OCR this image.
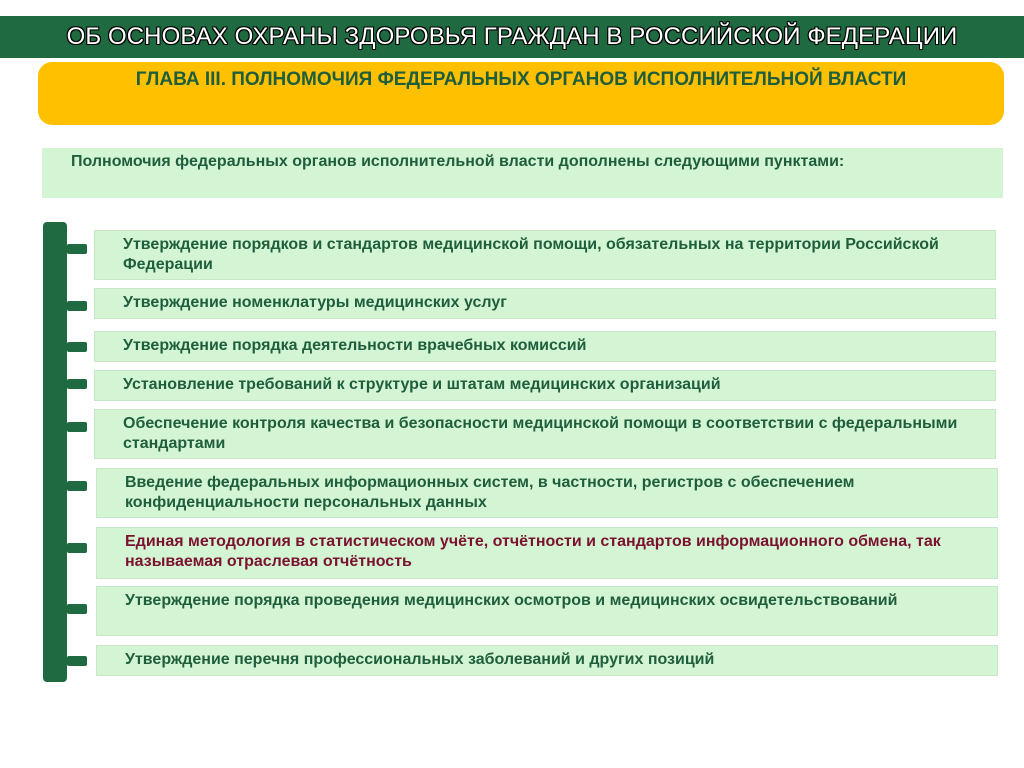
ОБ ОСНОВАХ ОХРАНЫ ЗДОРОВЬЯ ГРАЖДАН В РОССИЙСКОЙ ФЕДЕРАЦИИ
ГЛАВА III. ПОЛНОМОЧИЯ ФЕДЕРАЛЬНЫХ ОРГАНОВ ИСПОЛНИТЕЛЬНОЙ ВЛАСТИ
Полномочия федеральных органов исполнительной власти дополнены следующими пунктами:
Утверждение порядков и стандартов медицинской помощи, обязательных на территории Российской Федерации
Утверждение номенклатуры медицинских услуг
Утверждение порядка деятельности врачебных комиссий
Установление требований к структуре и штатам медицинских организаций
Обеспечение контроля качества и безопасности медицинской помощи в соответствии с федеральными стандартами
Введение федеральных информационных систем, в частности, регистров с обеспечением конфиденциальности персональных данных
Единая методология в статистическом учёте, отчётности и стандартов информационного обмена, так называемая отраслевая отчётность
Утверждение порядка проведения медицинских осмотров и медицинских освидетельствований
Утверждение перечня профессиональных заболеваний и других позиций
